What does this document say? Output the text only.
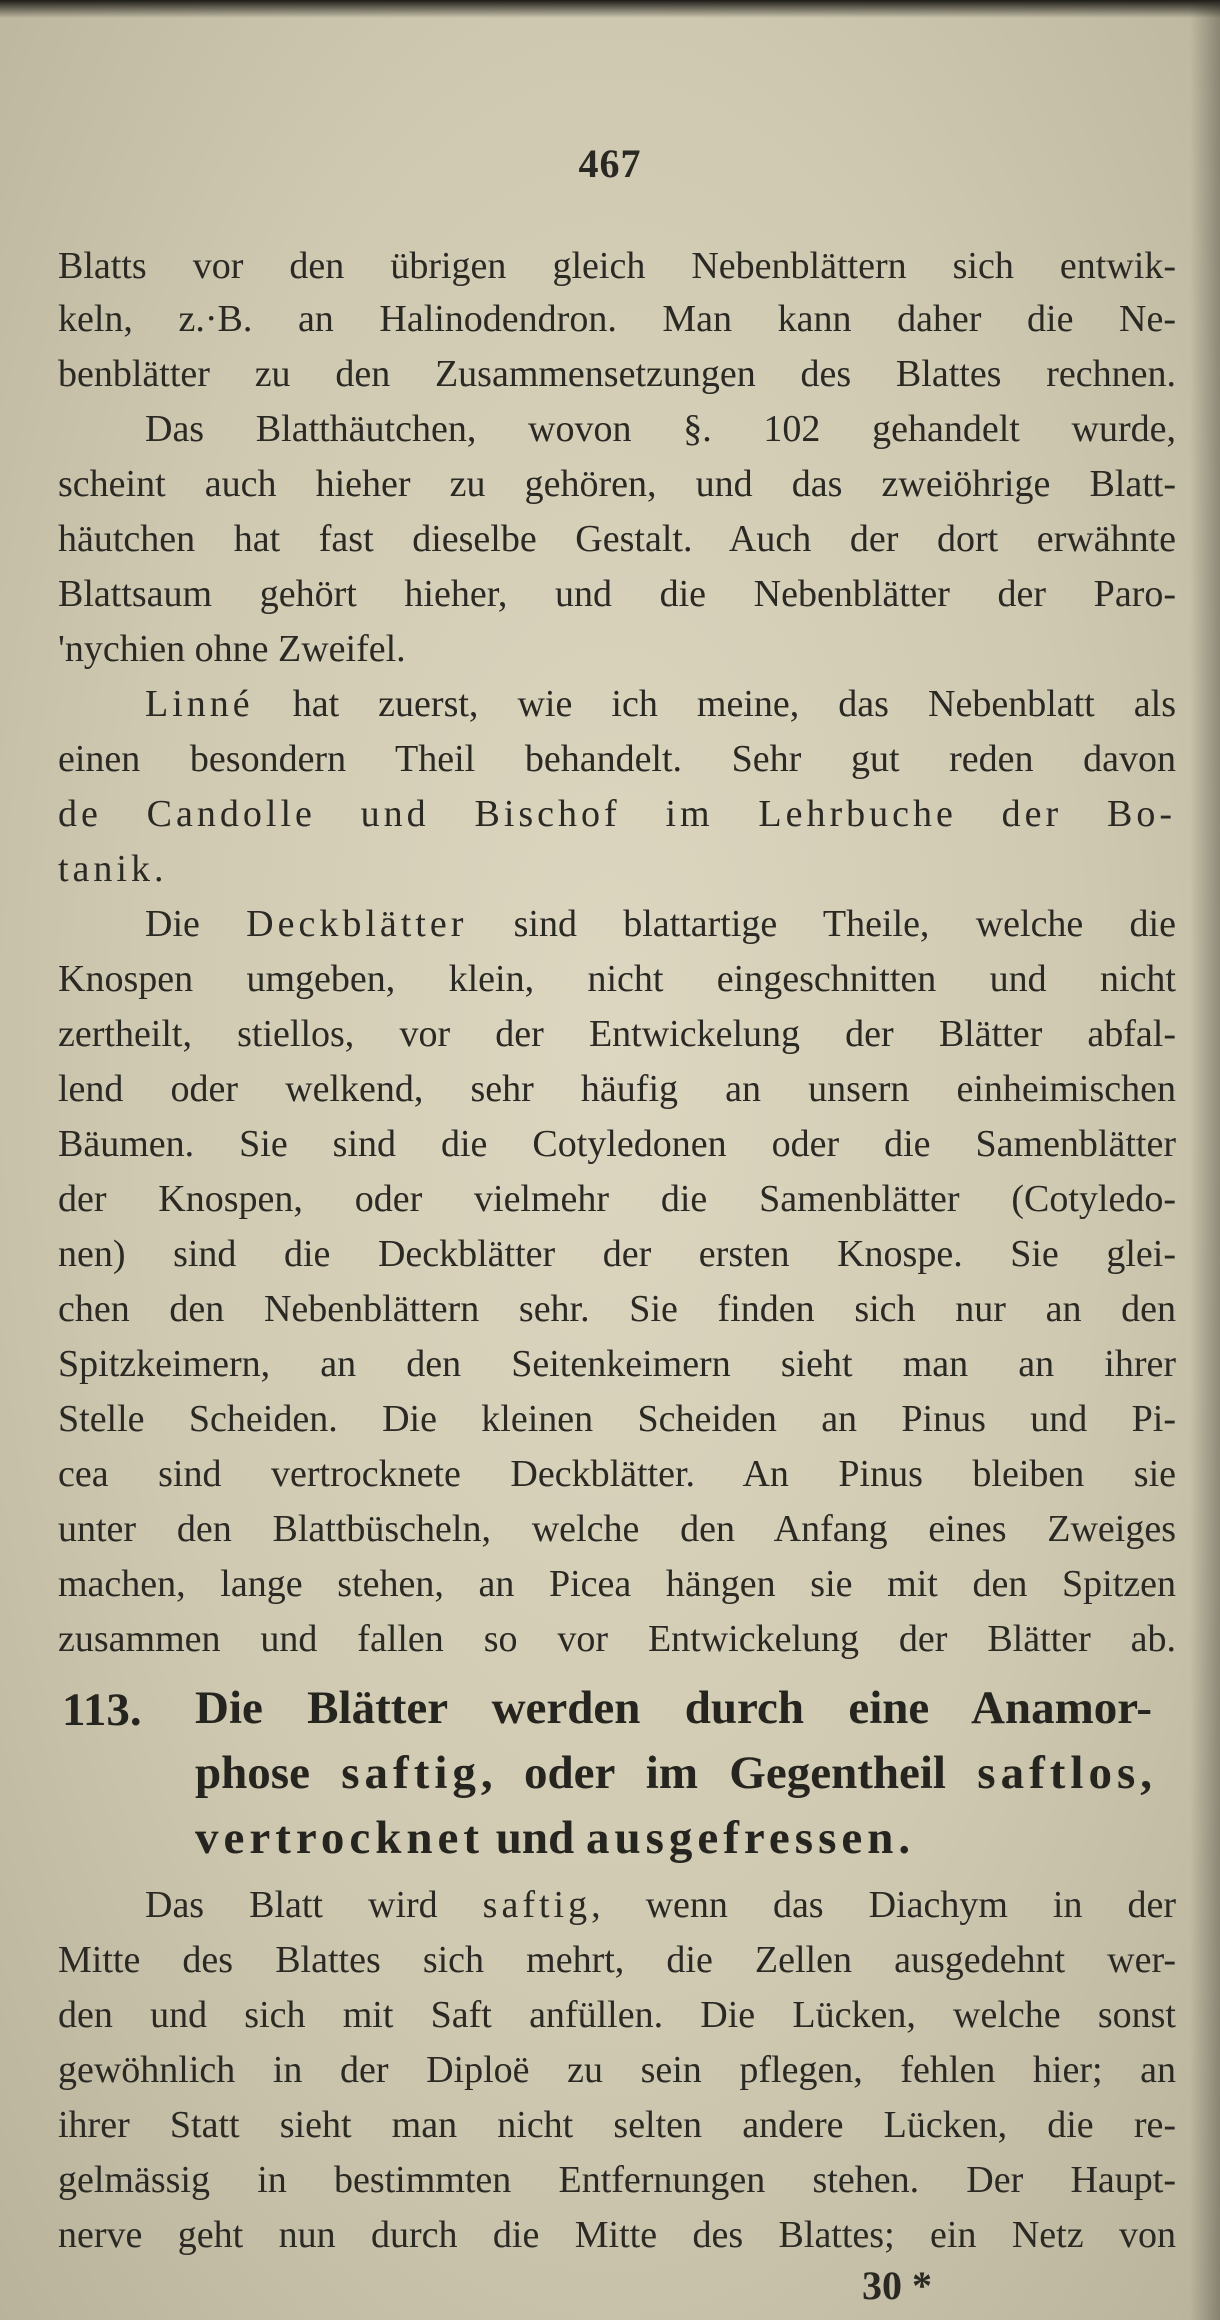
467
Blatts vor den übrigen gleich Nebenblättern sich entwik-
keln, z.·B. an Halinodendron. Man kann daher die Ne-
benblätter zu den Zusammensetzungen des Blattes rechnen.
Das Blatthäutchen, wovon §. 102 gehandelt wurde,
scheint auch hieher zu gehören, und das zweiöhrige Blatt-
häutchen hat fast dieselbe Gestalt. Auch der dort erwähnte
Blattsaum gehört hieher, und die Nebenblätter der Paro-
'nychien ohne Zweifel.
Linné hat zuerst, wie ich meine, das Nebenblatt als
einen besondern Theil behandelt. Sehr gut reden davon
de Candolle und Bischof im Lehrbuche der Bo-
tanik.
Die Deckblätter sind blattartige Theile, welche die
Knospen umgeben, klein, nicht eingeschnitten und nicht
zertheilt, stiellos, vor der Entwickelung der Blätter abfal-
lend oder welkend, sehr häufig an unsern einheimischen
Bäumen. Sie sind die Cotyledonen oder die Samenblätter
der Knospen, oder vielmehr die Samenblätter (Cotyledo-
nen) sind die Deckblätter der ersten Knospe. Sie glei-
chen den Nebenblättern sehr. Sie finden sich nur an den
Spitzkeimern, an den Seitenkeimern sieht man an ihrer
Stelle Scheiden. Die kleinen Scheiden an Pinus und Pi-
cea sind vertrocknete Deckblätter. An Pinus bleiben sie
unter den Blattbüscheln, welche den Anfang eines Zweiges
machen, lange stehen, an Picea hängen sie mit den Spitzen
zusammen und fallen so vor Entwickelung der Blätter ab.
113. Die Blätter werden durch eine Anamor-
phose saftig, oder im Gegentheil saftlos,
vertrocknet und ausgefressen.
Das Blatt wird saftig, wenn das Diachym in der
Mitte des Blattes sich mehrt, die Zellen ausgedehnt wer-
den und sich mit Saft anfüllen. Die Lücken, welche sonst
gewöhnlich in der Diploë zu sein pflegen, fehlen hier; an
ihrer Statt sieht man nicht selten andere Lücken, die re-
gelmässig in bestimmten Entfernungen stehen. Der Haupt-
nerve geht nun durch die Mitte des Blattes; ein Netz von
30 *
